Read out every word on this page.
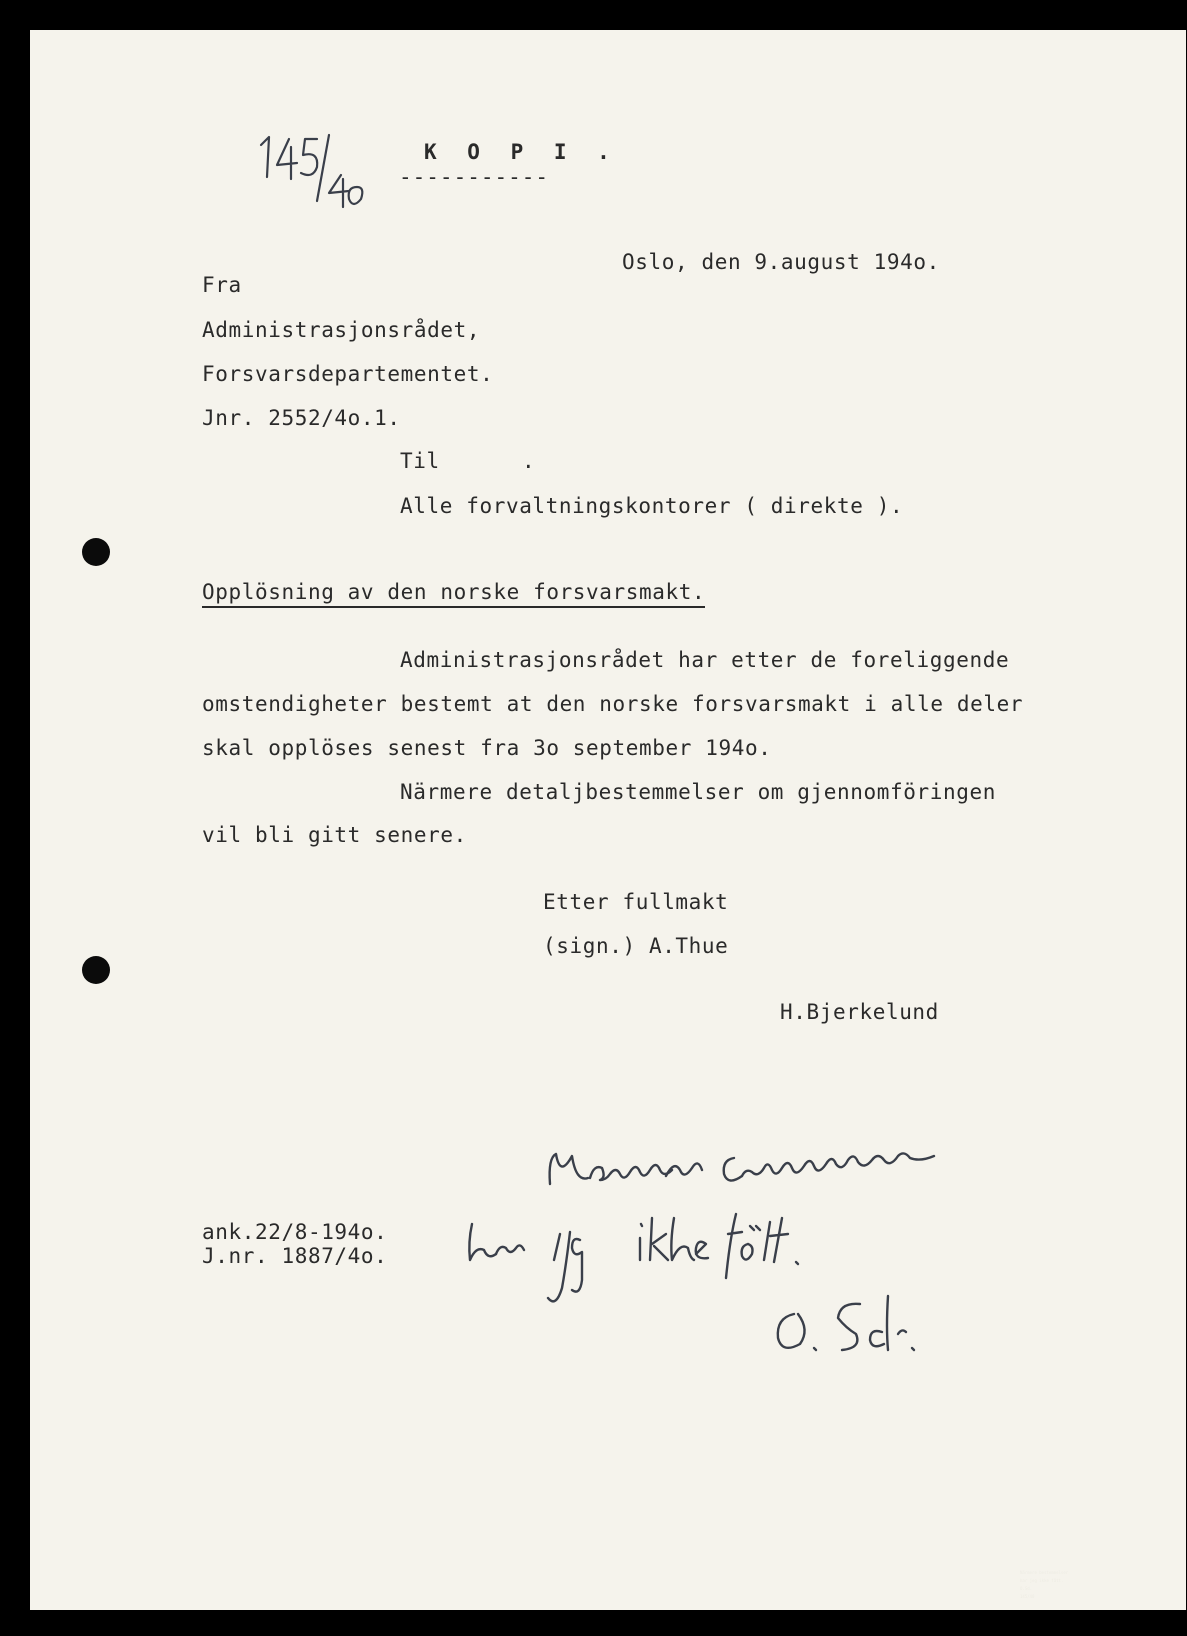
K O P I .
-----------
Oslo, den 9.august 194o.
Fra
Administrasjonsrådet,
Forsvarsdepartementet.
Jnr. 2552/4o.1.
Til	.
Alle forvaltningskontorer ( direkte ).
Opplösning av den norske forsvarsmakt.
Administrasjonsrådet har etter de foreliggende
omstendigheter bestemt at den norske forsvarsmakt i alle deler
skal opplöses senest fra 3o september 194o.
Närmere detaljbestemmelser om gjennomföringen
vil bli gitt senere.
Etter fullmakt
(sign.) A.Thue
H.Bjerkelund
ank.22/8-194o.
J.nr. 1887/4o.
Närmere bestemmelser
har jeg ikke fått.
O.Sd.
145/40
